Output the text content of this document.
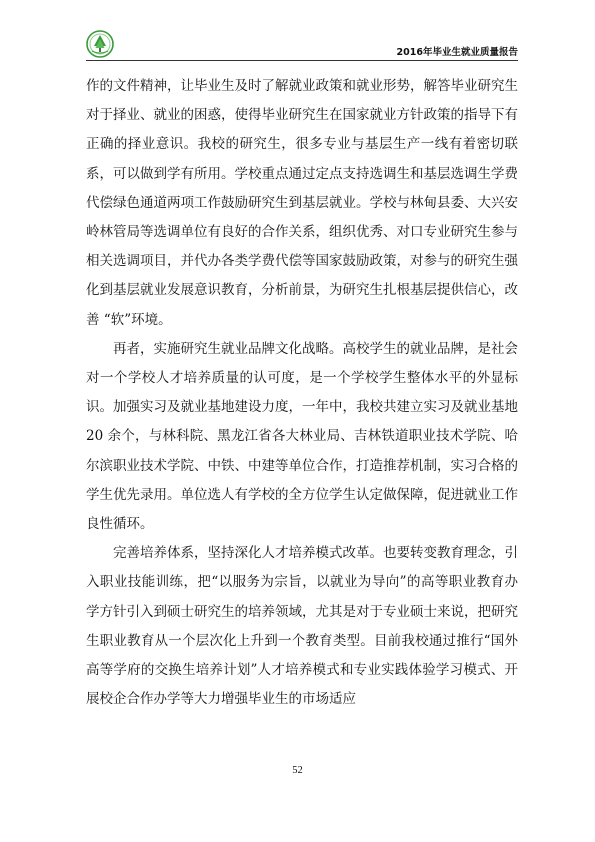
2016年毕业生就业质量报告

作的文件精神，让毕业生及时了解就业政策和就业形势，解答毕业研究生对于择业、就业的困惑，使得毕业研究生在国家就业方针政策的指导下有正确的择业意识。我校的研究生，很多专业与基层生产一线有着密切联系，可以做到学有所用。学校重点通过定点支持选调生和基层选调生学费代偿绿色通道两项工作鼓励研究生到基层就业。学校与林甸县委、大兴安岭林管局等选调单位有良好的合作关系，组织优秀、对口专业研究生参与相关选调项目，并代办各类学费代偿等国家鼓励政策，对参与的研究生强化到基层就业发展意识教育，分析前景，为研究生扎根基层提供信心，改善 “软”环境。

再者，实施研究生就业品牌文化战略。高校学生的就业品牌，是社会对一个学校人才培养质量的认可度，是一个学校学生整体水平的外显标识。加强实习及就业基地建设力度，一年中，我校共建立实习及就业基地 20 余个，与林科院、黑龙江省各大林业局、吉林铁道职业技术学院、哈尔滨职业技术学院、中铁、中建等单位合作，打造推荐机制，实习合格的学生优先录用。单位选人有学校的全方位学生认定做保障，促进就业工作良性循环。

完善培养体系，坚持深化人才培养模式改革。也要转变教育理念，引入职业技能训练，把“以服务为宗旨，以就业为导向”的高等职业教育办学方针引入到硕士研究生的培养领域，尤其是对于专业硕士来说，把研究生职业教育从一个层次化上升到一个教育类型。目前我校通过推行“国外高等学府的交换生培养计划”人才培养模式和专业实践体验学习模式、开展校企合作办学等大力增强毕业生的市场适应

52
